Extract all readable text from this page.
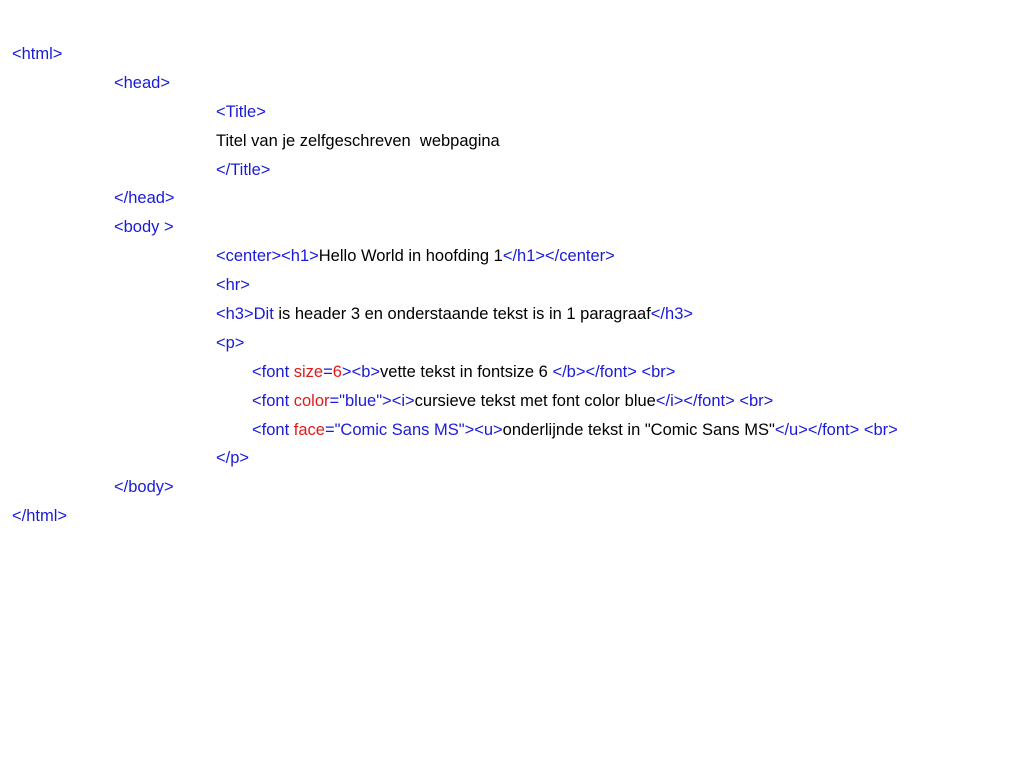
<html>
<head>
<Title>
Titel van je zelfgeschreven  webpagina
</Title>
</head>
<body >
<center><h1>Hello World in hoofding 1</h1></center>
<hr>
<h3>Dit is header 3 en onderstaande tekst is in 1 paragraaf</h3>
<p>
<font size=6><b>vette tekst in fontsize 6 </b></font> <br>
<font color="blue"><i>cursieve tekst met font color blue</i></font> <br>
<font face="Comic Sans MS"><u>onderlijnde tekst in "Comic Sans MS"</u></font> <br>
</p>
</body>
</html>
